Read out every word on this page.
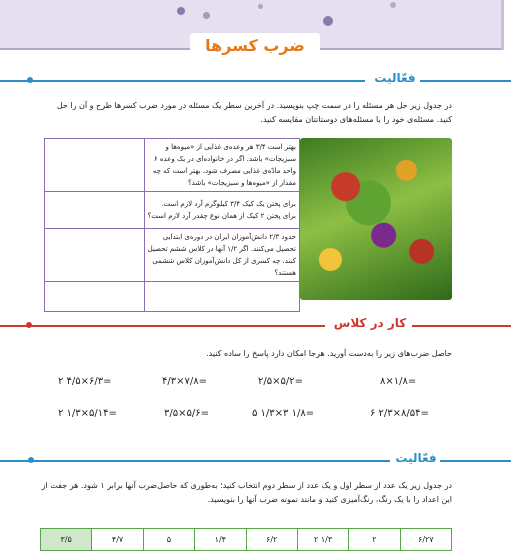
ضرب کسرها
فعّالیت
در جدول زیر حل هر مسئله را در سمت چپ بنویسید. در آخرین سطر یک مسئله در مورد ضرب کسرها طرح و آن را حل کنید. مسئله‌ی خود را با مسئله‌های دوستانتان مقایسه کنید.
بهتر است ۳/۴ هر وعده‌ی غذایی از «میوه‌ها و سبزیجات» باشد. اگر در خانواده‌ای در یک وعده ۶ واحد مادّه‌ی غذایی مصرف شود، بهتر است که چه مقدار از «میوه‌ها و سبزیجات» باشد؟	
برای پختن یک کیک ۳/۴ کیلوگرم آرد لازم است. برای پختن ۲ کیک از همان نوع چقدر آرد لازم است؟	
حدود ۲/۳ دانش‌آموزان ایران در دوره‌ی ابتدایی تحصیل می‌کنند. اگر ۱/۲ آنها در کلاس ششم تحصیل کنند، چه کسری از کل دانش‌آموزان کلاس ششمی هستند؟	

کار در کلاس
حاصل ضرب‌های زیر را به‌دست آورید. هرجا امکان دارد پاسخ را ساده کنید.
۸×۱/۸=
۲/۵×۵/۲=
۴/۳×۷/۸=
۲ ۴/۵×۶/۳=
۶ ۲/۳×۸/۵۴=
۵ ۱/۳×۳ ۱/۸=
۳/۵×۵/۶=
۲ ۱/۳×۵/۱۴=
فعّالیت
در جدول زیر یک عدد از سطر اول و یک عدد از سطر دوم انتخاب کنید؛ به‌طوری که حاصل‌ضرب آنها برابر ۱ شود. هر جفت از این اعداد را با یک رنگ، رنگ‌آمیزی کنید و مانند نمونه ضرب آنها را بنویسید.
۶/۲۷	۲	۲ ۱/۳	۶/۲	۱/۴	۵	۴/۷	۳/۵
